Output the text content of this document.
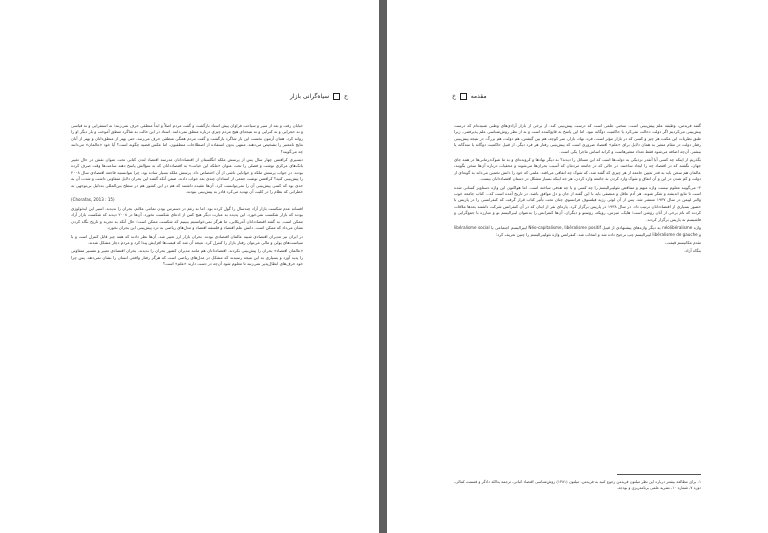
ح  سیاه‌گرانی بازار

خیابان رفت و بعد از سیر و سیاحت فراوان پیش استاد بازگشت و گفت مردم اصلاً و ابداً منطقی حرف نمی‌زنند؛ نه استقرایی و نه قیاسی و نه حجرایی و نه کبرایی و نه نتیجه‌ای هیچ مردم چیزی درباره منطق نمی‌دانند. استاد در این حالت به شاگرد منطق آموخت و بار دیگر او را روانه کرد. همان آزمون نخست این بار شاگرد بازگشت و گفت مردم همگی منطقی حرف می‌زنند، حتی بهتر از منطق‌دانان و بهتر از آنان نتایج نامعتبر را تشخیص می‌دهند. منتهی بدون استفاده از اصطلاحات منطقیون. اما عکس قضیه چگونه است؟ آیا خود «عالمان» می‌دانند چه می‌گویند؟

دیسیری کرافتس چهار سال پس از پرسش ملکه انگلستان از اقتصاددانان مدرسه اقتصاد لندن کتابی تحت عنوان نقش در حال تغییر بانک‌های مرکزی نوشت و فصلی را تحت عنوان «ملکه این خیانت» به اقتصاددانان که به سؤالش پاسخ دهند ساعت‌ها وقت صرف کرده بودند. در جواب پرسش ملکه و خوانایی ناشی از آن اختصاص داد. پرسش ملکه بسیار ساده بود. چرا نتوانستید فاجعه اقتصادی سال ۲۰۰۸ را پیش‌بینی کنید؟ کرافتس نوشت جمعی از استادان چندی بعد جواب دادند. ضمن آنکه گفتند این بحران دلایل متفاوتی داشت و شدت آن به حدی بود که کسی پیش‌بینی آن را نمی‌توانست کرد. آن‌ها عقیده داشتند که هم در این کشور هم در سطح بین‌المللی به‌دلیل بی‌توجهی به خطراتی که نظام را در کلیت آن تهدید می‌کرد قادر به پیش‌بینی نبودند.

(Chorafas, 2013 : 15)

افسانه عدم شکست بازار آزاد چندسال را گول کرده بود. اما به رغم در دسترس بودن تمامی علائم، بحران را ندیدند. اسیر این ایدئولوژی بودند که بازار شکست نمی‌خورد. این پدیده به عبارت دیگر هیچ کس از ادعای شکست نخورد. آن‌ها در ۲۰۰۸ دیدند که شکست بازار آزاد ممکن است. به گفته اقتصاددانان آمریکایی، ما هرگز نمی‌خواستیم ببینیم که شکست ممکن است؛ حال آنکه به تجربه و تاریخ نگاه کردن نشان می‌داد که ممکن است. دانش علم اقتصاد و فلسفه اقتصاد و مدل‌های ریاضی به درد پیش‌بینی این بحران نخورد.

در ایران نیز مدیران اقتصادی شبیه عالمان اقتصادی بودند. بحران بازار ارز تعبیر شد. آن‌ها نظر دادند که همه چیز قابل کنترل است و با سیاست‌های پولی و مالی می‌توان رفتار بازار را کنترل کرد. نتیجه آن شد که قیمت‌ها افزایش پیدا کرد و مردم دچار مشکل شدند.

«عالمان اقتصاد» بحران را پیش‌بینی نکردند. اقتصاددانان هم مانند مدیران کشور بحران را ندیدند. بحران اقتصادی تعبیر و تفسیر متفاوتی را پدید آورد و بسیاری به این نتیجه رسیدند که مشکل در مدل‌های ریاضی است که هرگز رفتار واقعی انسان را نشان نمی‌دهد. پس چرا خود حرف‌های ابطال‌پذیر نمی‌زنند تا معلوم شود آن‌چه در دست دارند «علم» است؟

مقدمه  خ

گفته فریدمن، وظیفه علم پیش‌بینی است. سخنی علمی است که درست پیش‌بینی کند. از برخی از بازار آزادی‌های وطنی شنیده‌ام که درست پیش‌بینی می‌کردیم اگر دولت دخالت نمی‌کرد یا حاکمیت دوگانه نبود. اما این پاسخ نه قانع‌کننده است و نه از نظر روش‌شناسی علم پذیرفتنی. زیرا طبق نظریات این مکتب هر چیز و کسی که در بازار مؤثر است، فرد، نهاد، بازار، سر کوچه، هم بین گیشتن، هم دولت، هم بزرگ. در نتیجه پیش‌بینی رفتار دولت در مقام متغیر به همان دلایل برای «علم» اقتصاد ضروری است که پیش‌بینی رفتار هر فرد دیگر. از قبیل حاکمیت دوگانه یا سه‌گانه یا بیشتر. آن‌چه اضافه می‌شود فقط تعداد متغیرهاست و کرانه اساس ماجرا یکی است.

بگذریم از اینکه چه کسی آیا آنقدر نزدیکی به دولت‌ها است که این مسائل را دیدند؟ به دیگر نهادها و کرونده‌ای و به ما شوک‌درمانی‌ها در همه جای جهان، نگفتند که در اقتصاد چه را ایجاد ساختند. در حالی که در جامعه مردمان که آسیب بحران‌ها می‌شوند و محقیات درباره آن‌ها سخن بگویند، عالمان هم سخن باید به قدر تعیین جامعه از هر چیزی که گفته شد، که شوک چه اتفاقی می‌افتد. علمی که خود را دانش تخمین می‌داند به گونه‌ای از دولت و کم شدن در این و آن اتفاق و شوک وارد کردن به جامعه وارد کردن، هر جه اینکه بسیار مشکل در دستان اقتصاددانان نیست.

۲- می‌گویند معلوم نیست واژه مبهم و متناقض نئولیبرالیسم را چه کسی و با چه هدفی ساخته است. اما هواکنون این واژه دستاویز کسانی شده است تا مانع اندیشه و تفکر شوند. هر آدم عاقل و منصفی باید با این گفته از جان و دل موافق باشد. در تاریخ آمده است که... کتاب جامعه خوب والتر لیپمن در سال ۱۹۳۷ منتشر شد. پس از آن لوئی رژیه فیلسوف فرانسوی چنان تحت تأثیر کتاب قرار گرفت که کنفرانسی را در پاریس با حضور بسیاری از اقتصاددانان ترتیب داد. در سال ۱۹۳۸ در پاریس برگزار کرد. پاره‌ای نفر از اینان که در آن کنفرانس شرکت داشتند بعدها ملاقات کردند که نام برخی از آنان روشن است؛ هایک، میزس، روپکه، روستو و دیگران. آن‌ها کنفرانس را به‌عنوان لیبرالیسم نو و مبارزه با جمع‌گرایی و فاشیسم به پاریس برگزار کردند.

واژه néolibéralisme به دیگر واژه‌های پیشنهادی از قبیل Néo-capitalisme, libéralisme positif لیبرالیسم اجتماعی یا libéralisme social و libéralisme de gauche لیبرالیسم چپ ترجیح داده شد و انتخاب شد. کنفرانس واژه نئولیبرالیسم را چنین تعریف کرد:

تقدم مکانیسم قیمت،

بنگاه آزاد،

۱- برای مطالعه بیشتر درباره این نظر میلتون فریدمن رجوع کنید به فریدمن، میلتون (۱۳۸۱) روش‌شناسی اقتصاد اثباتی، ترجمه یدالله دادگر و قسمت کمالی، دوره ۷، شماره ۱۰، نشریه علمی برنامه‌ریزی و بودجه.
